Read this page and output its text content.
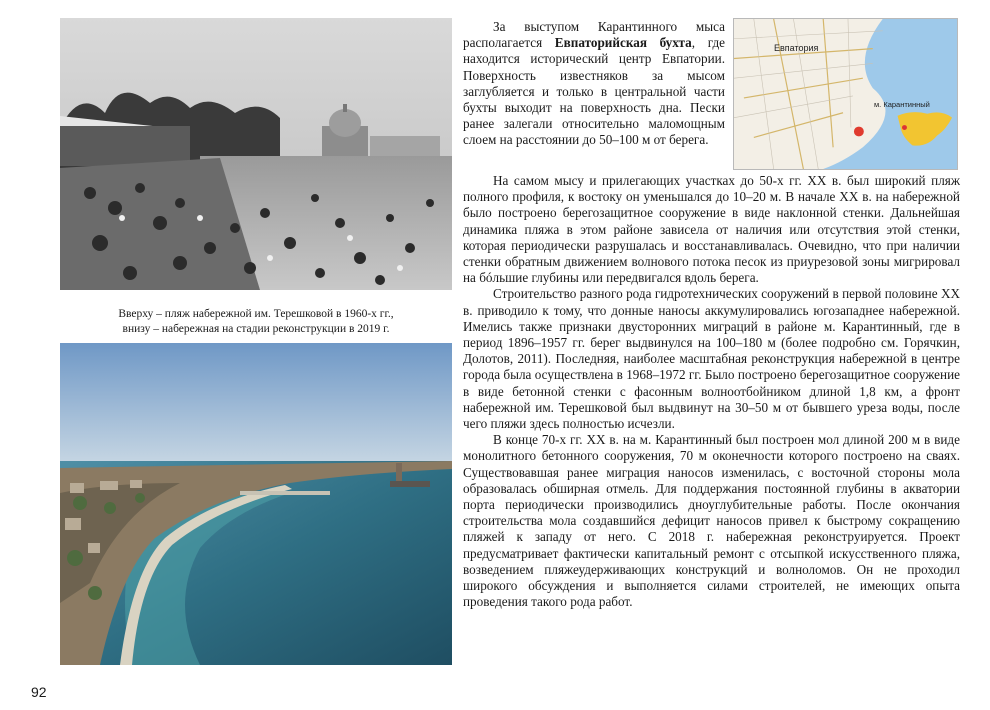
Вверху – пляж набережной им. Терешковой в 1960-х гг.,
внизу – набережная на стадии реконструкции в 2019 г.
Евпатория
м. Карантинный

За выступом Карантинного мыса располагается Евпаторийская бухта, где находится исторический центр Евпатории. Поверхность известняков за мысом заглубляется и только в центральной части бухты выходит на поверхность дна. Пески ранее залегали относительно маломощным слоем на расстоянии до 50–100 м от берега.

На самом мысу и прилегающих участках до 50-х гг. XX в. был широкий пляж полного профиля, к востоку он уменьшался до 10–20 м. В начале XX в. на набережной было построено берегозащитное сооружение в виде наклонной стенки. Дальнейшая динамика пляжа в этом районе зависела от наличия или отсутствия этой стенки, которая периодически разрушалась и восстанавливалась. Очевидно, что при наличии стенки обратным движением волнового потока песок из приурезовой зоны мигрировал на бóльшие глубины или передвигался вдоль берега.

Строительство разного рода гидротехнических сооружений в первой половине XX в. приводило к тому, что донные наносы аккумулировались югозападнее набережной. Имелись также признаки двусторонних миграций в районе м. Карантинный, где в период 1896–1957 гг. берег выдвинулся на 100–180 м (более подробно см. Горячкин, Долотов, 2011). Последняя, наиболее масштабная реконструкция набережной в центре города была осуществлена в 1968–1972 гг. Было построено берегозащитное сооружение в виде бетонной стенки с фасонным волноотбойником длиной 1,8 км, а фронт набережной им. Терешковой был выдвинут на 30–50 м от бывшего уреза воды, после чего пляжи здесь полностью исчезли.

В конце 70-х гг. XX в. на м. Карантинный был построен мол длиной 200 м в виде монолитного бетонного сооружения, 70 м оконечности которого построено на сваях. Существовавшая ранее миграция наносов изменилась, с восточной стороны мола образовалась обширная отмель. Для поддержания постоянной глубины в акватории порта периодически производились дноуглубительные работы. После окончания строительства мола создавшийся дефицит наносов привел к быстрому сокращению пляжей к западу от него. С 2018 г. набережная реконструируется. Проект предусматривает фактически капитальный ремонт с отсыпкой искусственного пляжа, возведением пляжеудерживающих конструкций и волноломов. Он не проходил широкого обсуждения и выполняется силами строителей, не имеющих опыта проведения такого рода работ.

92
